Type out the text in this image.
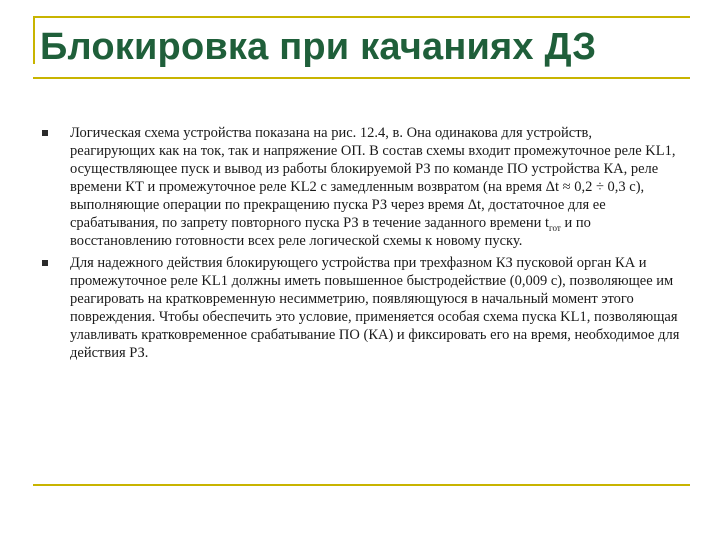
Блокировка при качаниях ДЗ
Логическая схема устройства показана на рис. 12.4, в. Она одинакова для устройств, реагирующих как на ток, так и напряжение ОП. В состав схемы входит промежуточное реле KL1, осуществляющее пуск и вывод из работы блокируемой РЗ по команде ПО устройства КА, реле времени КТ и промежуточное реле KL2 с замедленным возвратом (на время Δt ≈ 0,2 ÷ 0,3 с), выполняющие операции по прекращению пуска РЗ через время Δt, достаточное для ее срабатывания, по запрету повторного пуска РЗ в течение заданного времени $t_{гот}$ и по восстановлению готовности всех реле логической схемы к новому пуску.
Для надежного действия блокирующего устройства при трехфазном КЗ пусковой орган КА и промежуточное реле KL1 должны иметь повышенное быстродействие (0,009 с), позволяющее им реагировать на кратковременную несимметрию, появляющуюся в начальный момент этого повреждения. Чтобы обеспечить это условие, применяется особая схема пуска KL1, позволяющая улавливать кратковременное срабатывание ПО (КА) и фиксировать его на время, необходимое для действия РЗ.
